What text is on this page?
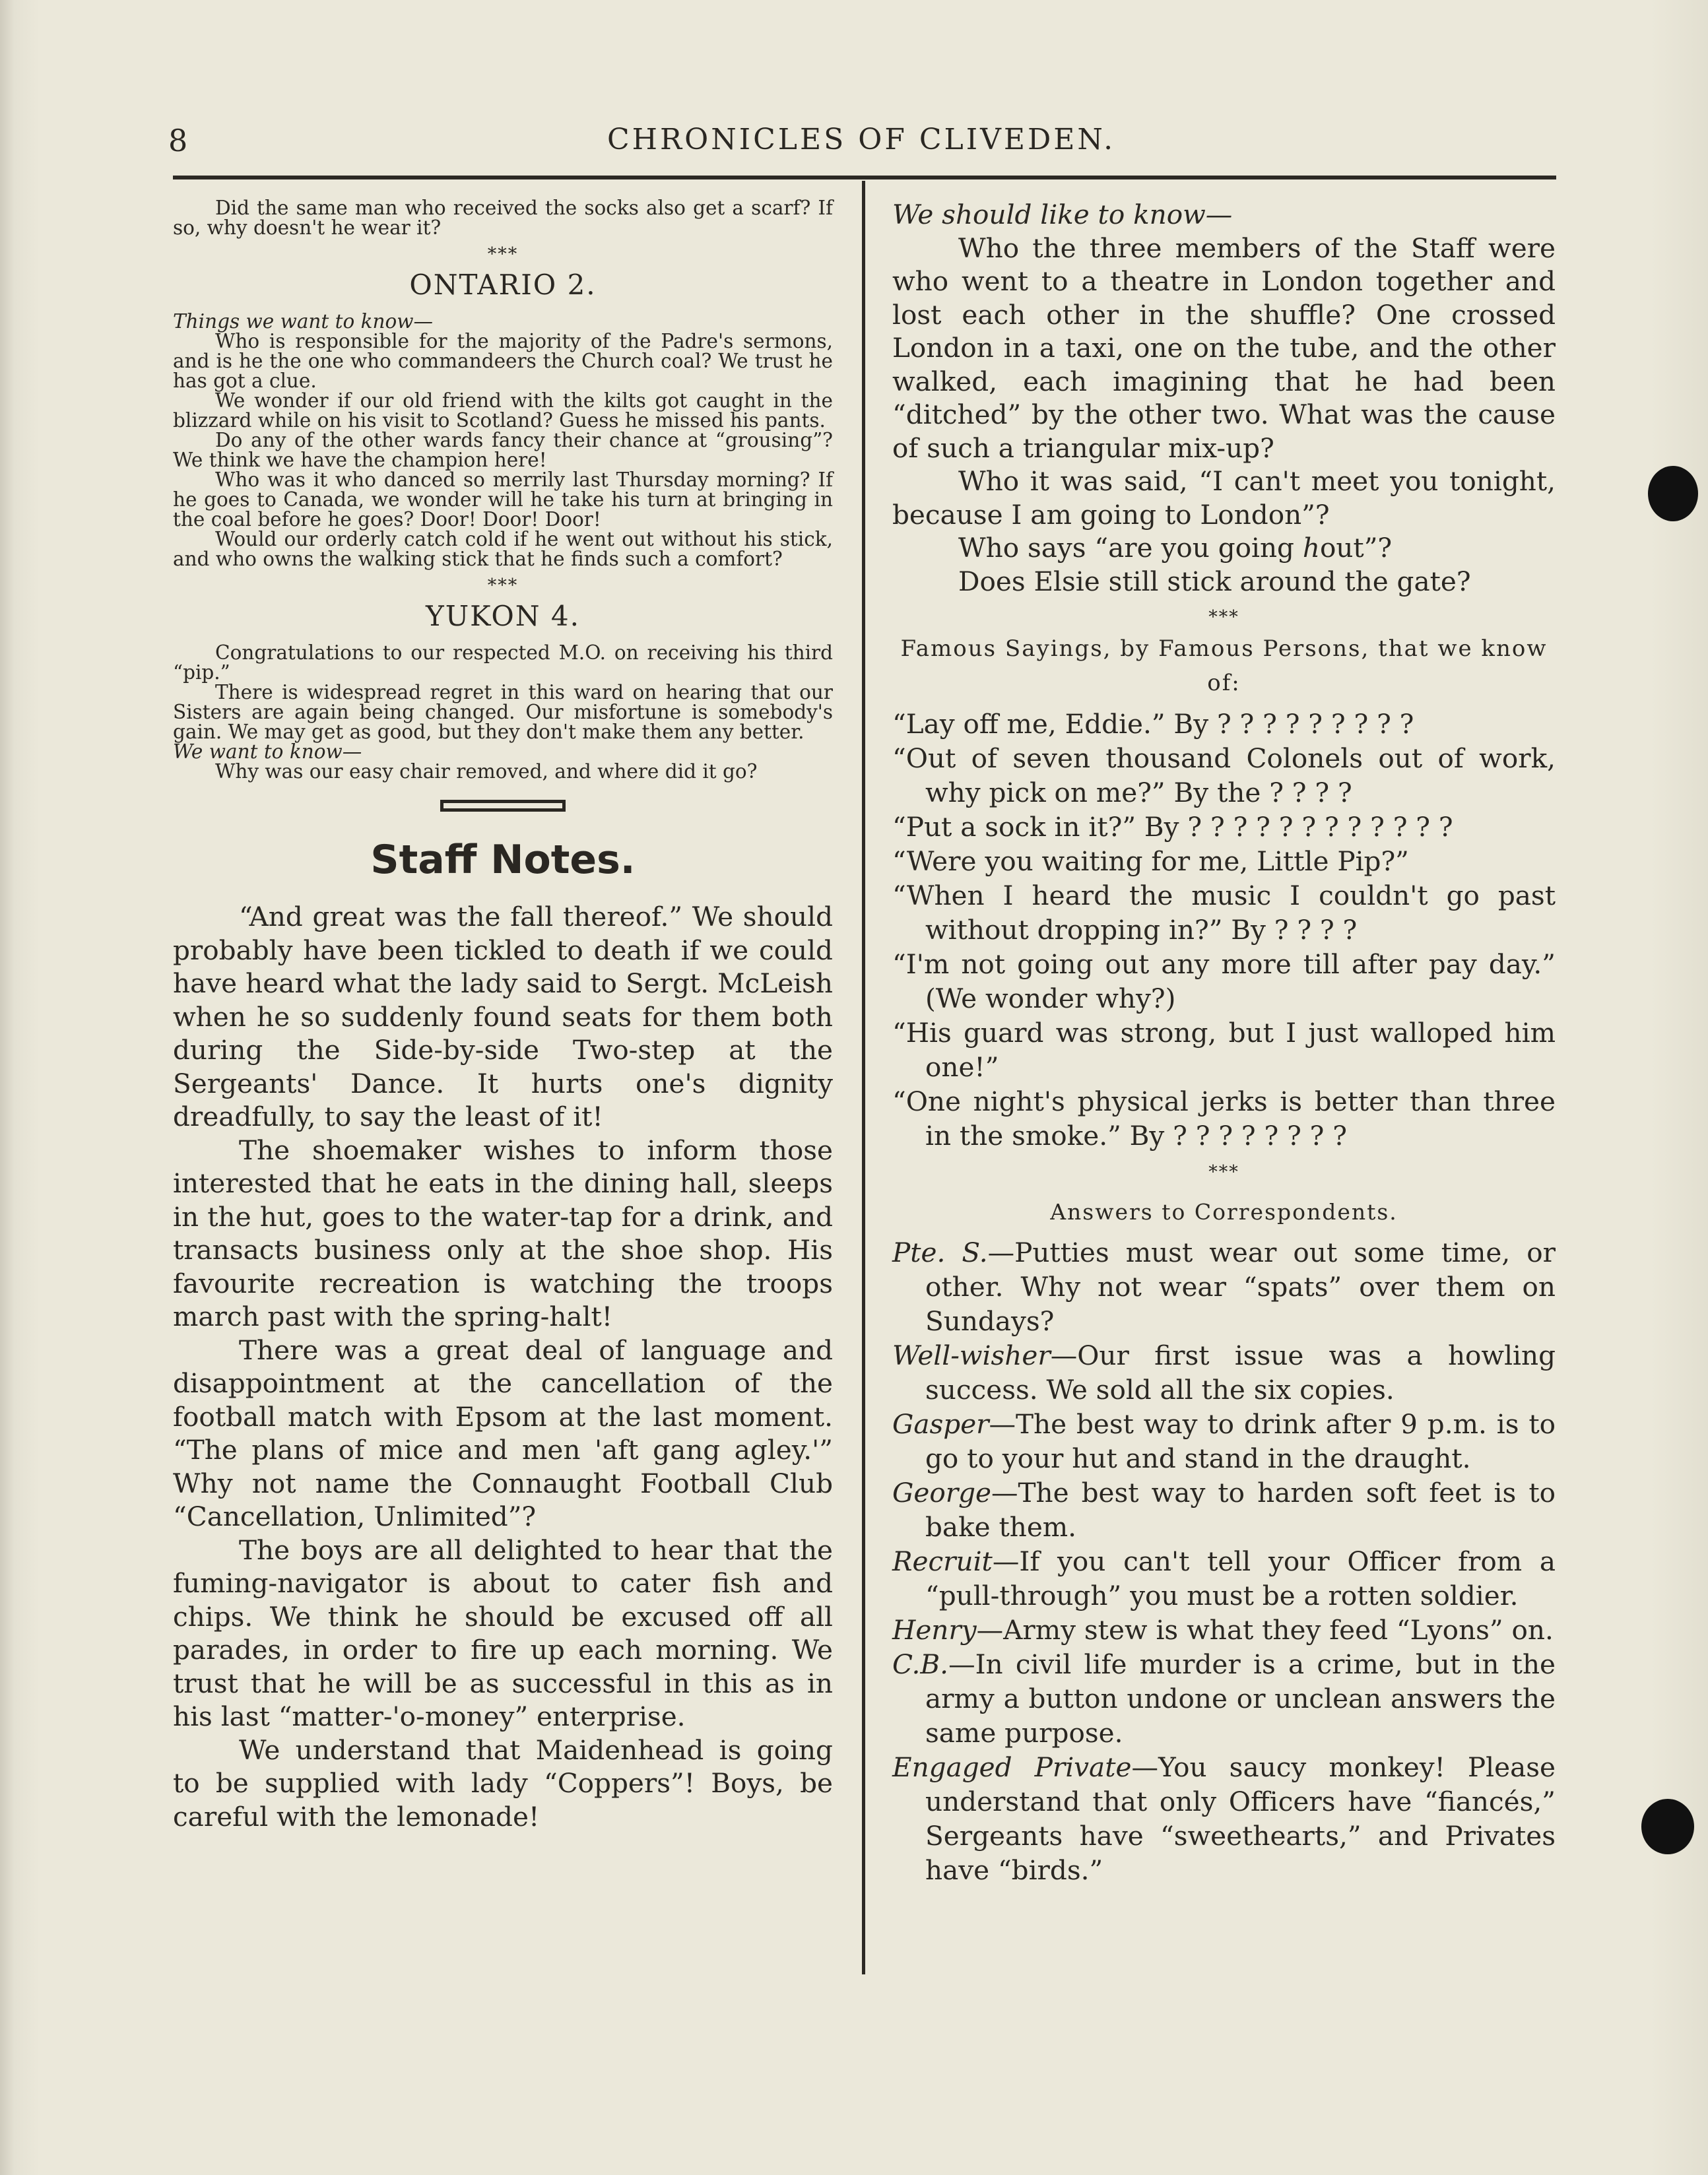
8	CHRONICLES OF CLIVEDEN.

Did the same man who received the socks also get a scarf? If so, why doesn't he wear it?

***
ONTARIO 2.

Things we want to know—

Who is responsible for the majority of the Padre's sermons, and is he the one who commandeers the Church coal? We trust he has got a clue.

We wonder if our old friend with the kilts got caught in the blizzard while on his visit to Scotland? Guess he missed his pants.

Do any of the other wards fancy their chance at “grousing”? We think we have the champion here!

Who was it who danced so merrily last Thursday morning? If he goes to Canada, we wonder will he take his turn at bringing in the coal before he goes? Door! Door! Door!

Would our orderly catch cold if he went out without his stick, and who owns the walking stick that he finds such a comfort?

***
YUKON 4.

Congratulations to our respected M.O. on receiving his third “pip.”

There is widespread regret in this ward on hearing that our Sisters are again being changed. Our misfortune is somebody's gain. We may get as good, but they don't make them any better.

We want to know—

Why was our easy chair removed, and where did it go?

Staff Notes.

“And great was the fall thereof.” We should probably have been tickled to death if we could have heard what the lady said to Sergt. McLeish when he so suddenly found seats for them both during the Side-by-side Two-step at the Sergeants' Dance. It hurts one's dignity dreadfully, to say the least of it!

The shoemaker wishes to inform those interested that he eats in the dining hall, sleeps in the hut, goes to the water-tap for a drink, and transacts business only at the shoe shop. His favourite recreation is watching the troops march past with the spring-halt!

There was a great deal of language and disappointment at the cancellation of the football match with Epsom at the last moment. “The plans of mice and men 'aft gang agley.'” Why not name the Connaught Football Club “Cancellation, Unlimited”?

The boys are all delighted to hear that the fuming-navigator is about to cater fish and chips. We think he should be excused off all parades, in order to fire up each morning. We trust that he will be as successful in this as in his last “matter-'o-money” enterprise.

We understand that Maidenhead is going to be supplied with lady “Coppers”! Boys, be careful with the lemonade!

We should like to know—

Who the three members of the Staff were who went to a theatre in London together and lost each other in the shuffle? One crossed London in a taxi, one on the tube, and the other walked, each imagining that he had been “ditched” by the other two. What was the cause of such a triangular mix-up?

Who it was said, “I can't meet you tonight, because I am going to London”?

Who says “are you going hout”?

Does Elsie still stick around the gate?

***
Famous Sayings, by Famous Persons, that we know of:

“Lay off me, Eddie.” By ? ? ? ? ? ? ? ? ?

“Out of seven thousand Colonels out of work, why pick on me?” By the ? ? ? ?

“Put a sock in it?” By ? ? ? ? ? ? ? ? ? ? ? ?

“Were you waiting for me, Little Pip?”

“When I heard the music I couldn't go past without dropping in?” By ? ? ? ?

“I'm not going out any more till after pay day.” (We wonder why?)

“His guard was strong, but I just walloped him one!”

“One night's physical jerks is better than three in the smoke.” By ? ? ? ? ? ? ? ?

***
Answers to Correspondents.

Pte. S.—Putties must wear out some time, or other. Why not wear “spats” over them on Sundays?

Well-wisher—Our first issue was a howling success. We sold all the six copies.

Gasper—The best way to drink after 9 p.m. is to go to your hut and stand in the draught.

George—The best way to harden soft feet is to bake them.

Recruit—If you can't tell your Officer from a “pull-through” you must be a rotten soldier.

Henry—Army stew is what they feed “Lyons” on.

C.B.—In civil life murder is a crime, but in the army a button undone or unclean answers the same purpose.

Engaged Private—You saucy monkey! Please understand that only Officers have “fiancés,” Sergeants have “sweethearts,” and Privates have “birds.”
